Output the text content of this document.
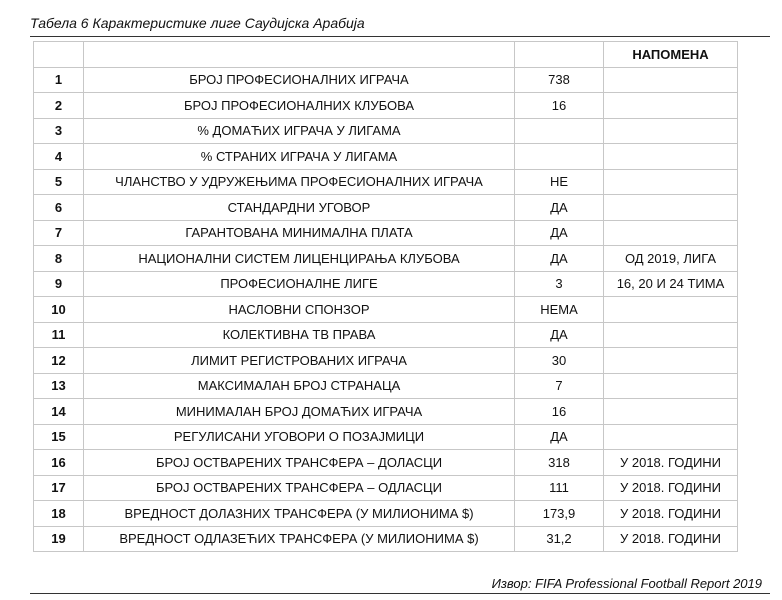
Табела 6 Карактеристике лиге Саудијска Арабија
			НАПОМЕНА
1	БРОЈ ПРОФЕСИОНАЛНИХ ИГРАЧА	738	
2	БРОЈ ПРОФЕСИОНАЛНИХ КЛУБОВА	16	
3	% ДОМАЋИХ ИГРАЧА У ЛИГАМА		
4	% СТРАНИХ ИГРАЧА У ЛИГАМА		
5	ЧЛАНСТВО У УДРУЖЕЊИМА ПРОФЕСИОНАЛНИХ ИГРАЧА	НЕ	
6	СТАНДАРДНИ УГОВОР	ДА	
7	ГАРАНТОВАНА МИНИМАЛНА ПЛАТА	ДА	
8	НАЦИОНАЛНИ СИСТЕМ ЛИЦЕНЦИРАЊА КЛУБОВА	ДА	ОД 2019, ЛИГА
9	ПРОФЕСИОНАЛНЕ ЛИГЕ	3	16, 20 И 24 ТИМА
10	НАСЛОВНИ СПОНЗОР	НЕМА	
11	КОЛЕКТИВНА ТВ ПРАВА	ДА	
12	ЛИМИТ РЕГИСТРОВАНИХ ИГРАЧА	30	
13	МАКСИМАЛАН БРОЈ СТРАНАЦА	7	
14	МИНИМАЛАН БРОЈ ДОМАЋИХ ИГРАЧА	16	
15	РЕГУЛИСАНИ УГОВОРИ О ПОЗАЈМИЦИ	ДА	
16	БРОЈ ОСТВАРЕНИХ ТРАНСФЕРА – ДОЛАСЦИ	318	У 2018. ГОДИНИ
17	БРОЈ ОСТВАРЕНИХ ТРАНСФЕРА – ОДЛАСЦИ	111	У 2018. ГОДИНИ
18	ВРЕДНОСТ ДОЛАЗНИХ ТРАНСФЕРА (У МИЛИОНИМА $)	173,9	У 2018. ГОДИНИ
19	ВРЕДНОСТ ОДЛАЗЕЋИХ ТРАНСФЕРА (У МИЛИОНИМА $)	31,2	У 2018. ГОДИНИ
Извор: FIFA Professional Football Report 2019
